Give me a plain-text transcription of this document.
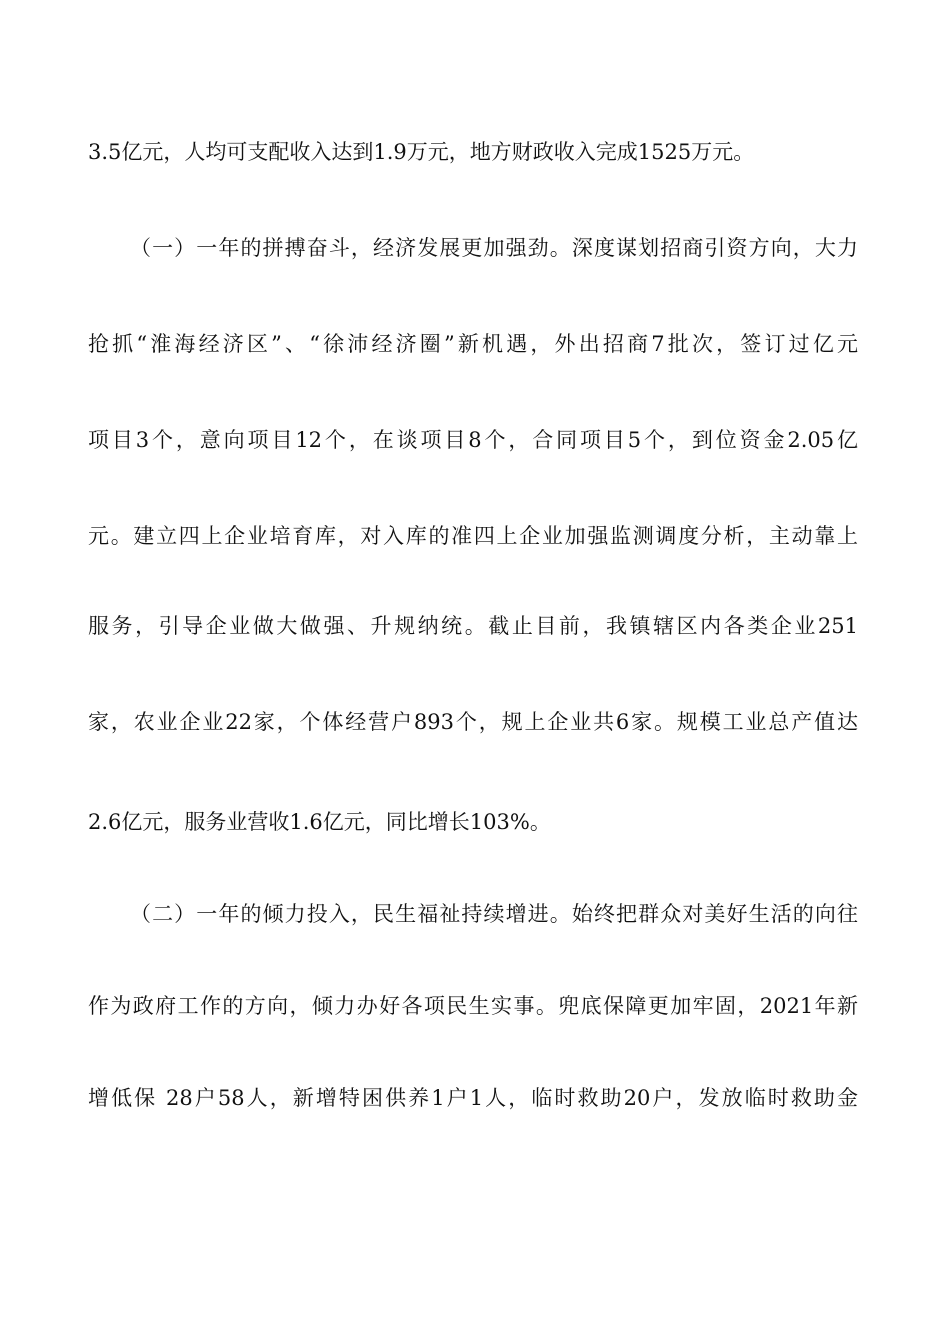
3.5亿元，人均可支配收入达到1.9万元，地方财政收入完成1525万元。
（一）一年的拼搏奋斗，经济发展更加强劲。深度谋划招商引资方向，大力
抢抓“淮海经济区”、“徐沛经济圈”新机遇，外出招商7批次，签订过亿元
项目3个，意向项目12个，在谈项目8个，合同项目5个，到位资金2.05亿
元。建立四上企业培育库，对入库的准四上企业加强监测调度分析，主动靠上
服务，引导企业做大做强、升规纳统。截止目前，我镇辖区内各类企业251
家，农业企业22家，个体经营户893个，规上企业共6家。规模工业总产值达
2.6亿元，服务业营收1.6亿元，同比增长103%。
（二）一年的倾力投入，民生福祉持续增进。始终把群众对美好生活的向往
作为政府工作的方向，倾力办好各项民生实事。兜底保障更加牢固，2021年新
增低保 28户58人，新增特困供养1户1人，临时救助20户，发放临时救助金
